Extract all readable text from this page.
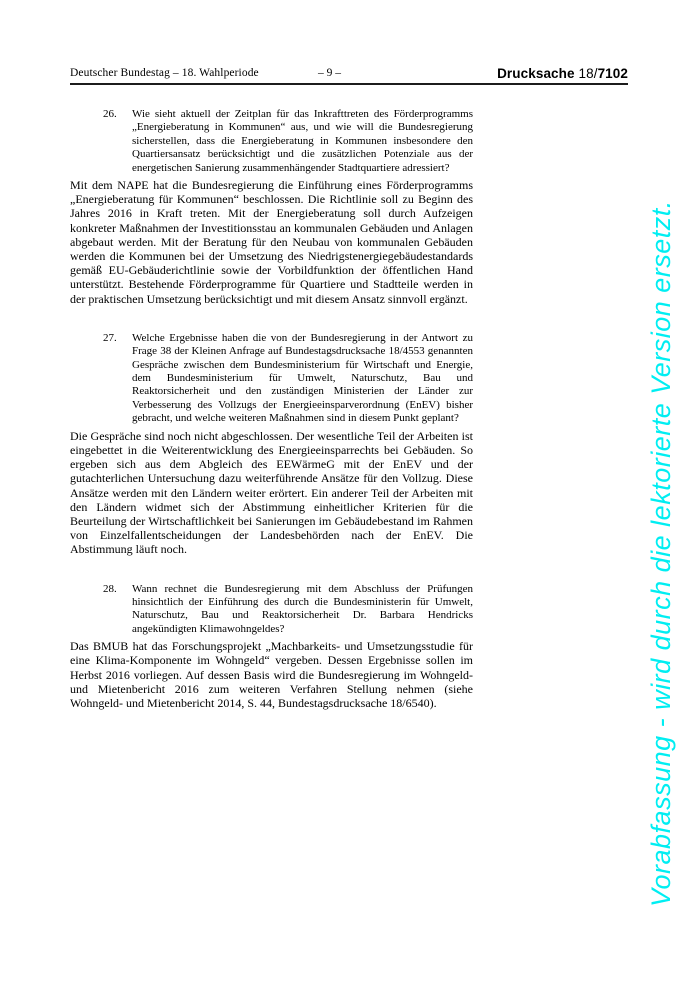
Deutscher Bundestag – 18. Wahlperiode	– 9 –	Drucksache 18/7102
26. Wie sieht aktuell der Zeitplan für das Inkrafttreten des Förderprogramms „Energieberatung in Kommunen“ aus, und wie will die Bundesregierung sicherstellen, dass die Energieberatung in Kommunen insbesondere den Quartiersansatz berücksichtigt und die zusätzlichen Potenziale aus der energetischen Sanierung zusammenhängender Stadtquartiere adressiert?

Mit dem NAPE hat die Bundesregierung die Einführung eines Förderprogramms „Energieberatung für Kommunen“ beschlossen. Die Richtlinie soll zu Beginn des Jahres 2016 in Kraft treten. Mit der Energieberatung soll durch Aufzeigen konkreter Maßnahmen der Investitionsstau an kommunalen Gebäuden und Anlagen abgebaut werden. Mit der Beratung für den Neubau von kommunalen Gebäuden werden die Kommunen bei der Umsetzung des Niedrigstenergiegebäudestandards gemäß EU-Gebäuderichtlinie sowie der Vorbildfunktion der öffentlichen Hand unterstützt. Bestehende Förderprogramme für Quartiere und Stadtteile werden in der praktischen Umsetzung berücksichtigt und mit diesem Ansatz sinnvoll ergänzt.

27. Welche Ergebnisse haben die von der Bundesregierung in der Antwort zu Frage 38 der Kleinen Anfrage auf Bundestagsdrucksache 18/4553 genannten Gespräche zwischen dem Bundesministerium für Wirtschaft und Energie, dem Bundesministerium für Umwelt, Naturschutz, Bau und Reaktorsicherheit und den zuständigen Ministerien der Länder zur Verbesserung des Vollzugs der Energieeinsparverordnung (EnEV) bisher gebracht, und welche weiteren Maßnahmen sind in diesem Punkt geplant?

Die Gespräche sind noch nicht abgeschlossen. Der wesentliche Teil der Arbeiten ist eingebettet in die Weiterentwicklung des Energieeinsparrechts bei Gebäuden. So ergeben sich aus dem Abgleich des EEWärmeG mit der EnEV und der gutachterlichen Untersuchung dazu weiterführende Ansätze für den Vollzug. Diese Ansätze werden mit den Ländern weiter erörtert. Ein anderer Teil der Arbeiten mit den Ländern widmet sich der Abstimmung einheitlicher Kriterien für die Beurteilung der Wirtschaftlichkeit bei Sanierungen im Gebäudebestand im Rahmen von Einzelfallentscheidungen der Landesbehörden nach der EnEV. Die Abstimmung läuft noch.

28. Wann rechnet die Bundesregierung mit dem Abschluss der Prüfungen hinsichtlich der Einführung des durch die Bundesministerin für Umwelt, Naturschutz, Bau und Reaktorsicherheit Dr. Barbara Hendricks angekündigten Klimawohngeldes?

Das BMUB hat das Forschungsprojekt „Machbarkeits- und Umsetzungsstudie für eine Klima-Komponente im Wohngeld“ vergeben. Dessen Ergebnisse sollen im Herbst 2016 vorliegen. Auf dessen Basis wird die Bundesregierung im Wohngeld- und Mietenbericht 2016 zum weiteren Verfahren Stellung nehmen (siehe Wohngeld- und Mietenbericht 2014, S. 44, Bundestagsdrucksache 18/6540).	Vorabfassung - wird durch die lektorierte Version ersetzt.
